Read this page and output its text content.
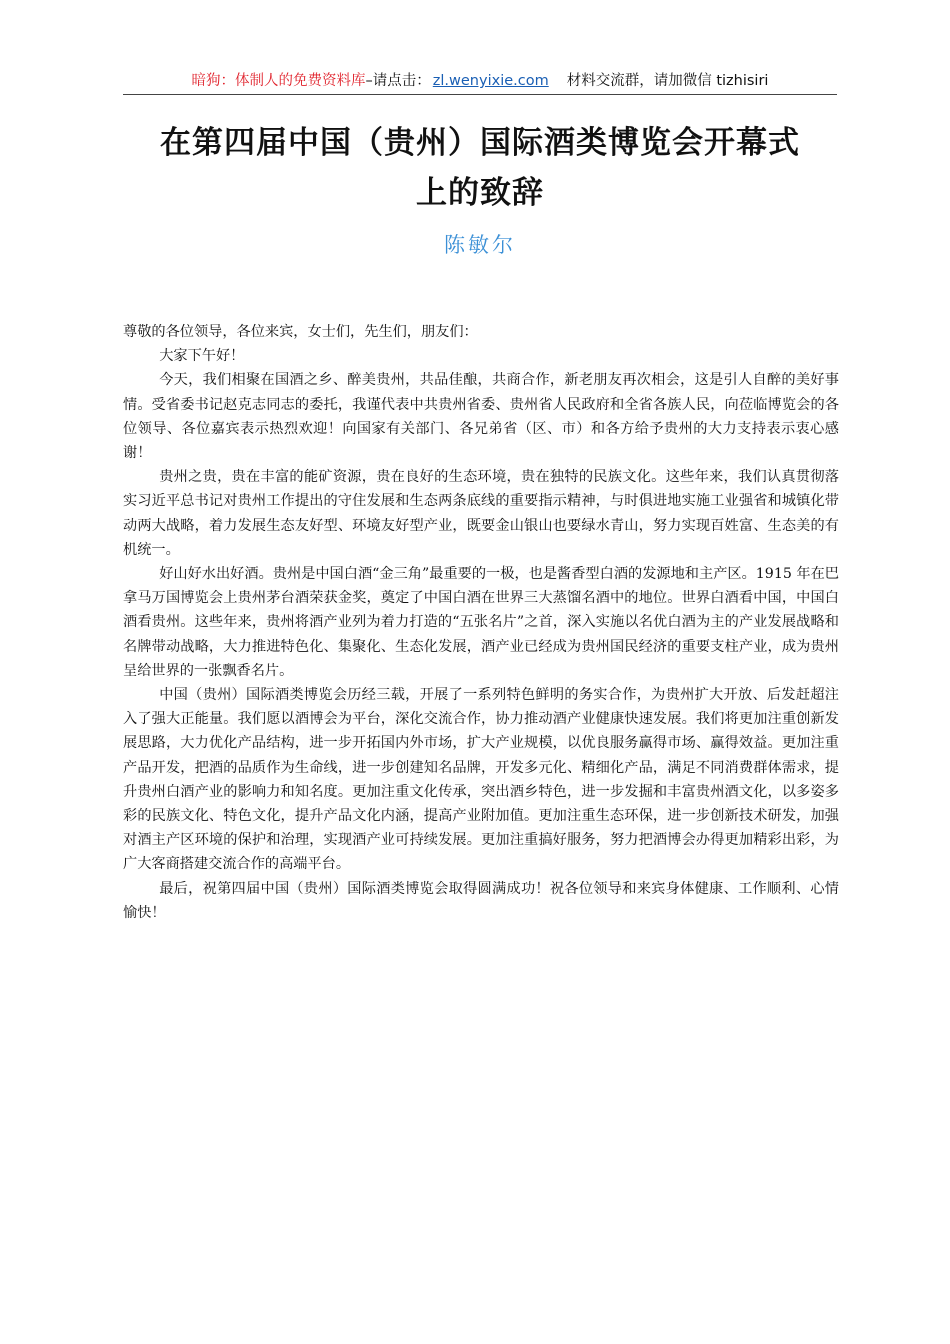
暗狗：体制人的免费资料库–请点击： zl.wenyixie.com 材料交流群，请加微信 tizhisiri
在第四届中国（贵州）国际酒类博览会开幕式
上的致辞
陈敏尔

尊敬的各位领导，各位来宾，女士们，先生们，朋友们：

大家下午好！

今天，我们相聚在国酒之乡、醉美贵州，共品佳酿，共商合作，新老朋友再次相会，这是引人自醉的美好事情。受省委书记赵克志同志的委托，我谨代表中共贵州省委、贵州省人民政府和全省各族人民，向莅临博览会的各位领导、各位嘉宾表示热烈欢迎！向国家有关部门、各兄弟省（区、市）和各方给予贵州的大力支持表示衷心感谢！

贵州之贵，贵在丰富的能矿资源，贵在良好的生态环境，贵在独特的民族文化。这些年来，我们认真贯彻落实习近平总书记对贵州工作提出的守住发展和生态两条底线的重要指示精神，与时俱进地实施工业强省和城镇化带动两大战略，着力发展生态友好型、环境友好型产业，既要金山银山也要绿水青山，努力实现百姓富、生态美的有机统一。

好山好水出好酒。贵州是中国白酒“金三角”最重要的一极，也是酱香型白酒的发源地和主产区。1915 年在巴拿马万国博览会上贵州茅台酒荣获金奖，奠定了中国白酒在世界三大蒸馏名酒中的地位。世界白酒看中国，中国白酒看贵州。这些年来，贵州将酒产业列为着力打造的“五张名片”之首，深入实施以名优白酒为主的产业发展战略和名牌带动战略，大力推进特色化、集聚化、生态化发展，酒产业已经成为贵州国民经济的重要支柱产业，成为贵州呈给世界的一张飘香名片。

中国（贵州）国际酒类博览会历经三载，开展了一系列特色鲜明的务实合作，为贵州扩大开放、后发赶超注入了强大正能量。我们愿以酒博会为平台，深化交流合作，协力推动酒产业健康快速发展。我们将更加注重创新发展思路，大力优化产品结构，进一步开拓国内外市场，扩大产业规模，以优良服务赢得市场、赢得效益。更加注重产品开发，把酒的品质作为生命线，进一步创建知名品牌，开发多元化、精细化产品，满足不同消费群体需求，提升贵州白酒产业的影响力和知名度。更加注重文化传承，突出酒乡特色，进一步发掘和丰富贵州酒文化，以多姿多彩的民族文化、特色文化，提升产品文化内涵，提高产业附加值。更加注重生态环保，进一步创新技术研发，加强对酒主产区环境的保护和治理，实现酒产业可持续发展。更加注重搞好服务，努力把酒博会办得更加精彩出彩，为广大客商搭建交流合作的高端平台。

最后，祝第四届中国（贵州）国际酒类博览会取得圆满成功！祝各位领导和来宾身体健康、工作顺利、心情愉快！
